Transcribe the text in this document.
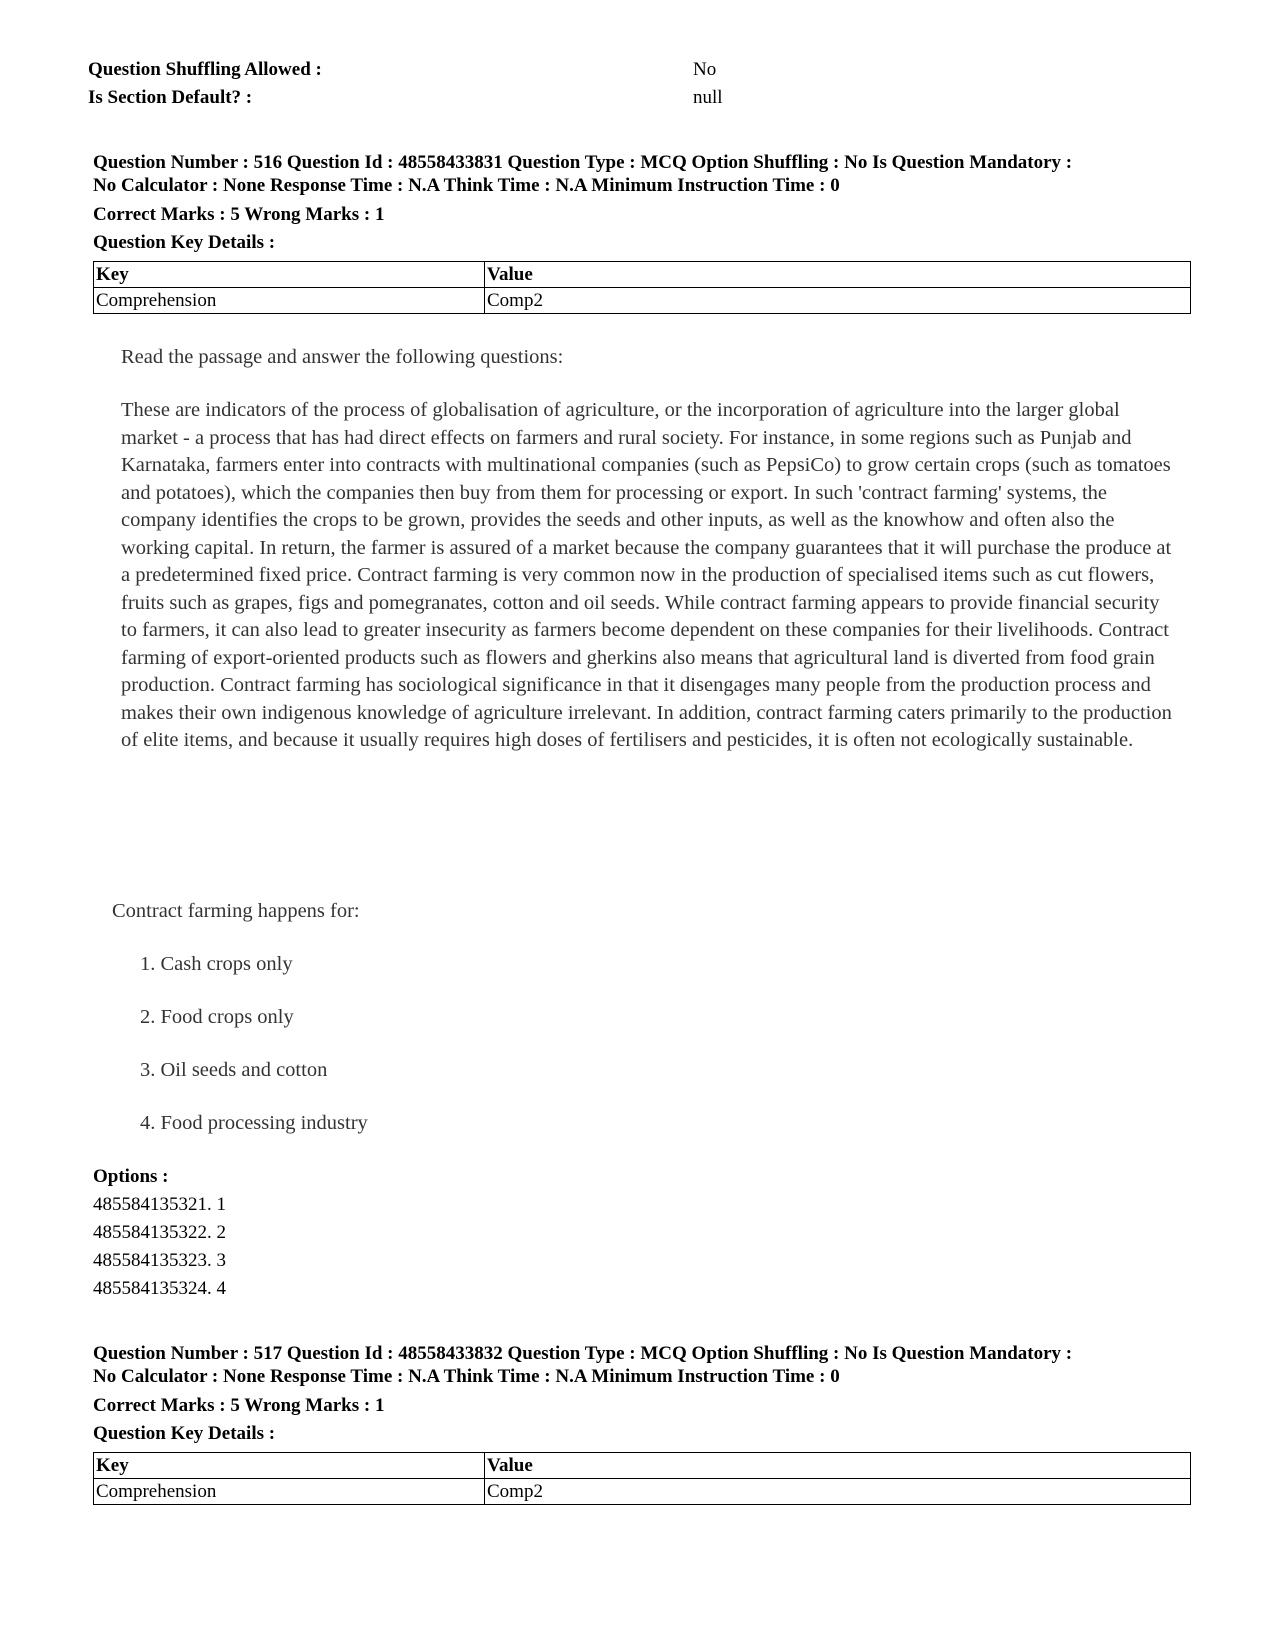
Question Shuffling Allowed :	No
Is Section Default? :	null
Question Number : 516 Question Id : 48558433831 Question Type : MCQ Option Shuffling : No Is Question Mandatory :
No Calculator : None Response Time : N.A Think Time : N.A Minimum Instruction Time : 0
Correct Marks : 5 Wrong Marks : 1
Question Key Details :
Key	Value
Comprehension	Comp2
Read the passage and answer the following questions:
These are indicators of the process of globalisation of agriculture, or the incorporation of agriculture into the larger global market - a process that has had direct effects on farmers and rural society. For instance, in some regions such as Punjab and Karnataka, farmers enter into contracts with multinational companies (such as PepsiCo) to grow certain crops (such as tomatoes and potatoes), which the companies then buy from them for processing or export. In such 'contract farming' systems, the company identifies the crops to be grown, provides the seeds and other inputs, as well as the knowhow and often also the working capital. In return, the farmer is assured of a market because the company guarantees that it will purchase the produce at a predetermined fixed price. Contract farming is very common now in the production of specialised items such as cut flowers, fruits such as grapes, figs and pomegranates, cotton and oil seeds. While contract farming appears to provide financial security to farmers, it can also lead to greater insecurity as farmers become dependent on these companies for their livelihoods. Contract farming of export-oriented products such as flowers and gherkins also means that agricultural land is diverted from food grain production. Contract farming has sociological significance in that it disengages many people from the production process and makes their own indigenous knowledge of agriculture irrelevant. In addition, contract farming caters primarily to the production of elite items, and because it usually requires high doses of fertilisers and pesticides, it is often not ecologically sustainable.
Contract farming happens for:
1. Cash crops only
2. Food crops only
3. Oil seeds and cotton
4. Food processing industry
Options :
485584135321. 1
485584135322. 2
485584135323. 3
485584135324. 4
Question Number : 517 Question Id : 48558433832 Question Type : MCQ Option Shuffling : No Is Question Mandatory :
No Calculator : None Response Time : N.A Think Time : N.A Minimum Instruction Time : 0
Correct Marks : 5 Wrong Marks : 1
Question Key Details :
Key	Value
Comprehension	Comp2
